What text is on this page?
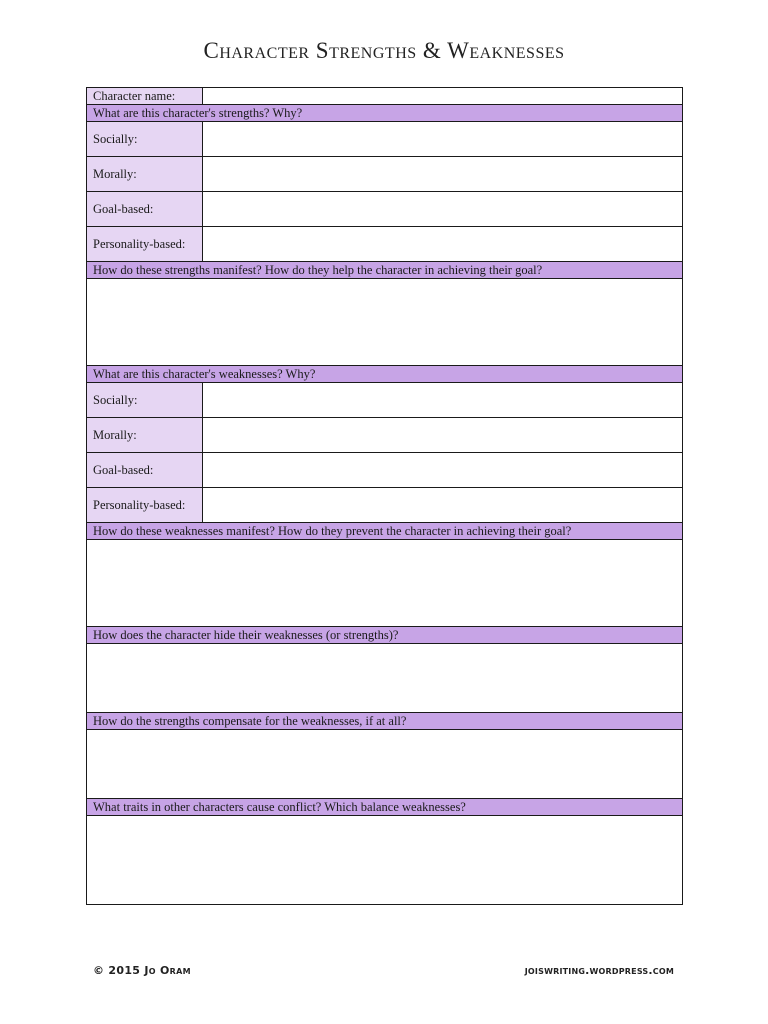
Character Strengths & Weaknesses
Character name:	
What are this character's strengths? Why?	
Socially:	
Morally:	
Goal-based:	
Personality-based:	
How do these strengths manifest? How do they help the character in achieving their goal?	

What are this character's weaknesses? Why?	
Socially:	
Morally:	
Goal-based:	
Personality-based:	
How do these weaknesses manifest? How do they prevent the character in achieving their goal?	

How does the character hide their weaknesses (or strengths)?	

How do the strengths compensate for the weaknesses, if at all?	

What traits in other characters cause conflict? Which balance weaknesses?	

© 2015 Jo Oram	joiswriting.wordpress.com
